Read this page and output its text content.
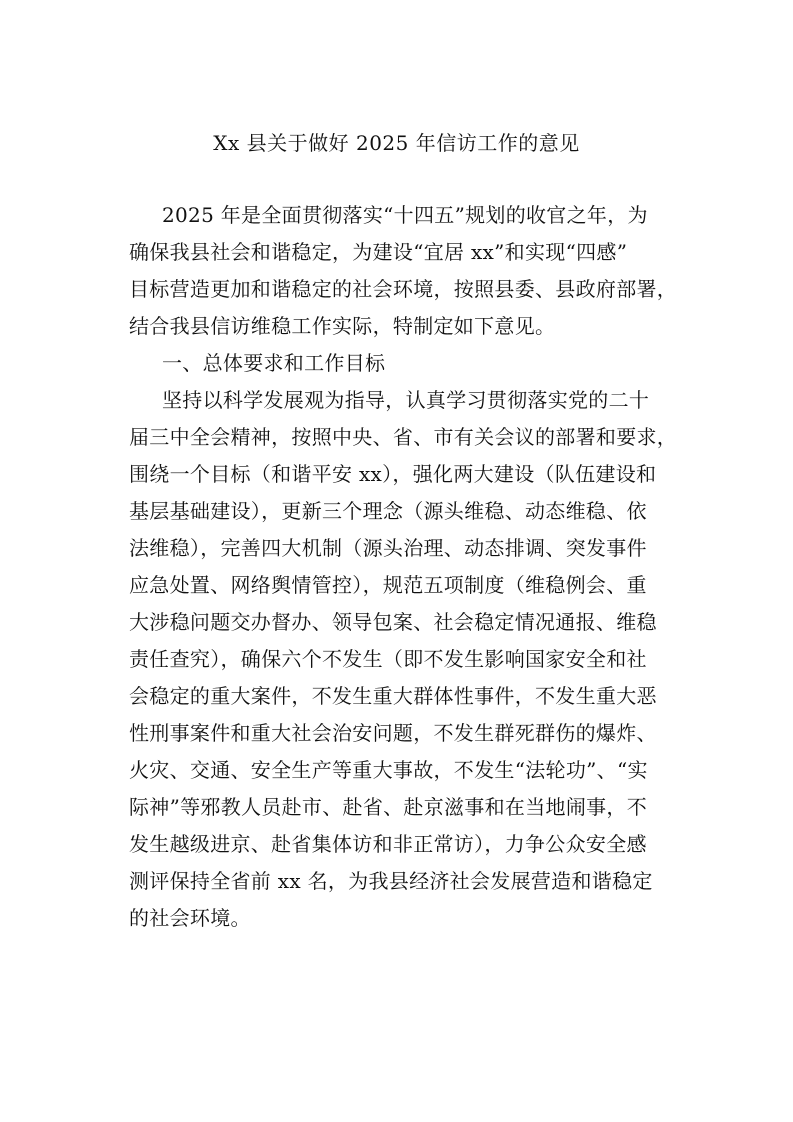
Xx 县关于做好 2025 年信访工作的意见
2025 年是全面贯彻落实“十四五”规划的收官之年，为
确保我县社会和谐稳定，为建设“宜居 xx”和实现“四感”
目标营造更加和谐稳定的社会环境，按照县委、县政府部署，
结合我县信访维稳工作实际，特制定如下意见。
一、总体要求和工作目标
坚持以科学发展观为指导，认真学习贯彻落实党的二十
届三中全会精神，按照中央、省、市有关会议的部署和要求，
围绕一个目标（和谐平安 xx），强化两大建设（队伍建设和
基层基础建设），更新三个理念（源头维稳、动态维稳、依
法维稳），完善四大机制（源头治理、动态排调、突发事件
应急处置、网络舆情管控），规范五项制度（维稳例会、重
大涉稳问题交办督办、领导包案、社会稳定情况通报、维稳
责任查究），确保六个不发生（即不发生影响国家安全和社
会稳定的重大案件，不发生重大群体性事件，不发生重大恶
性刑事案件和重大社会治安问题，不发生群死群伤的爆炸、
火灾、交通、安全生产等重大事故，不发生“法轮功”、“实
际神”等邪教人员赴市、赴省、赴京滋事和在当地闹事，不
发生越级进京、赴省集体访和非正常访），力争公众安全感
测评保持全省前 xx 名，为我县经济社会发展营造和谐稳定
的社会环境。
